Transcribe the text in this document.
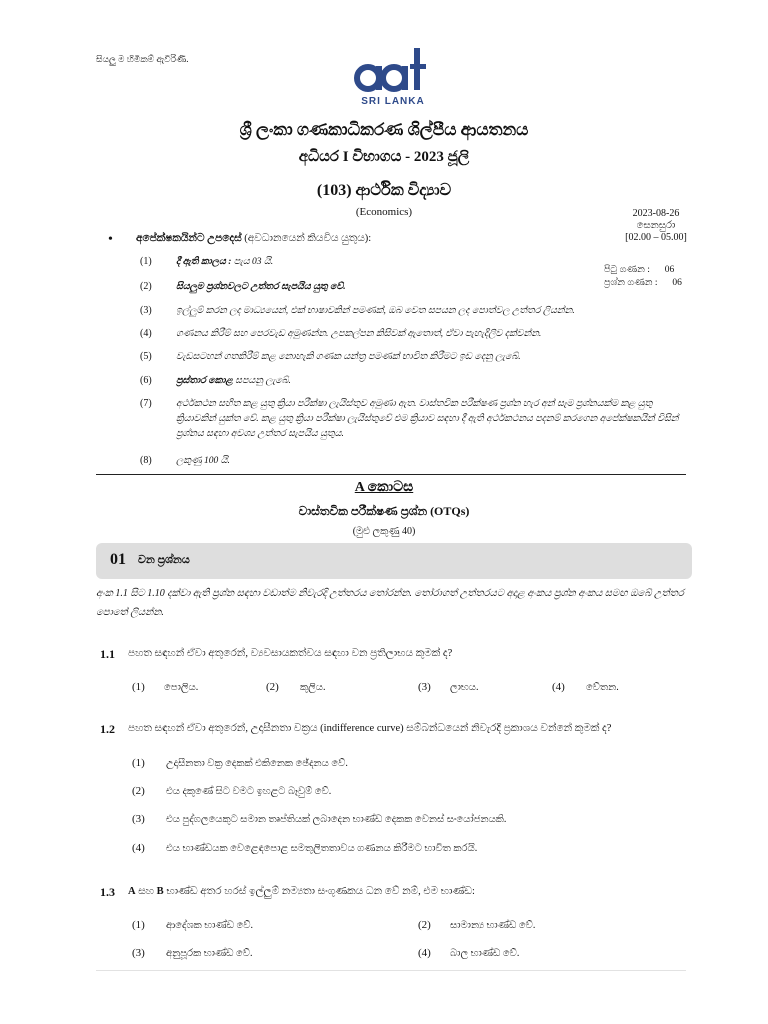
සියලු ම හිමිකම් ඇවිරිණි.
SRI LANKA
ශ්‍රී ලංකා ගණකාධිකරණ ශිල්පීය ආයතනය
අධියර I විභාගය - 2023 ජූලි
(103) ආර්ථික විද්‍යාව
(Economics)	2023-08-26
සෙනසුරා
[02.00 – 05.00]
පිටු ගණන : 06
ප්‍රශ්න ගණන : 06
• අපේක්ෂකයින්ට උපදෙස් (අවධානයෙන් කියවිය යුතුය):
(1)	දී ඇති කාලය : පැය 03 යි.
(2)	සියලුම ප්‍රශ්නවලට උත්තර සැපයිය යුතු වේ.
(3)	ඉල්ලුම් කරන ලද මාධ්‍යයෙන්, එක් භාෂාවකින් පමණක්, ඔබ වෙත සපයන ලද පොත්වල උත්තර ලියන්න.
(4)	ගණනය කිරීම් සහ පෙරවැඩ අමුණන්න. උපකල්පන කිසිවක් ඇතොත්, ඒවා පැහැදිලිව දක්වන්න.
(5)	වැඩසටහන් ගතකිරීම් කළ නොහැකි ගණක යන්ත්‍ර පමණක් භාවිත කිරීමට ඉඩ දෙනු ලැබේ.
(6)	ප්‍රස්තාර කොළ සපයනු ලැබේ.
(7)	අර්ථකථන සහිත කළ යුතු ක්‍රියා පරීක්ෂා ලැයිස්තුව අමුණා ඇත. වාස්තවික පරීක්ෂණ ප්‍රශ්න හැර අන් සෑම ප්‍රශ්නයක්ම කළ යුතු ක්‍රියාවකින් යුක්ත වේ. කළ යුතු ක්‍රියා පරීක්ෂා ලැයිස්තුවේ එම ක්‍රියාව සඳහා දී ඇති අර්ථකථනය පදනම් කරගෙන අපේක්ෂකයින් විසින් ප්‍රශ්නය සඳහා අවශ්‍ය උත්තර සැපයිය යුතුය.
(8)	ලකුණු 100 යි.
A කොටස
වාස්තවික පරීක්ෂණ ප්‍රශ්න (OTQs)
(මුළු ලකුණු 40)
01 වන ප්‍රශ්නය
අංක 1.1 සිට 1.10 දක්වා ඇති ප්‍රශ්න සඳහා වඩාත්ම නිවැරදි උත්තරය තෝරන්න. තෝරාගත් උත්තරයට අදාළ අංකය ප්‍රශ්න අංකය සමඟ ඔබේ උත්තර පොතේ ලියන්න.
1.1 පහත සඳහන් ඒවා අතුරෙන්, ව්‍යවසායකත්වය සඳහා වන ප්‍රතිලාභය කුමක් ද?
(1) පොලිය.	(2) කුලිය.	(3) ලාභය.	(4) වේතන.
1.2 පහත සඳහන් ඒවා අතුරෙන්, උදාසීනතා වක්‍රය (indifference curve) සම්බන්ධයෙන් නිවැරදි ප්‍රකාශය වන්නේ කුමක් ද?
(1) උදාසීනතා වක්‍ර දෙකක් එකිනෙක ඡේදනය වේ.
(2) එය දකුණේ සිට වමට ඉහළට බෑවුම් වේ.
(3) එය පුද්ගලයෙකුට සමාන තෘප්තියක් ලබාදෙන භාණ්ඩ දෙකක වෙනස් සංයෝජනයකි.
(4) එය භාණ්ඩයක වෙළෙඳපොළ සමතුලිතතාවය ගණනය කිරීමට භාවිත කරයි.
1.3 A සහ B භාණ්ඩ අතර හරස් ඉල්ලුම් නම්‍යතා සංගුණකය ධන වේ නම්, එම භාණ්ඩ:
(1) ආදේශක භාණ්ඩ වේ.	(2) සාමාන්‍ය භාණ්ඩ වේ.
(3) අනුපූරක භාණ්ඩ වේ.	(4) බාල භාණ්ඩ වේ.
